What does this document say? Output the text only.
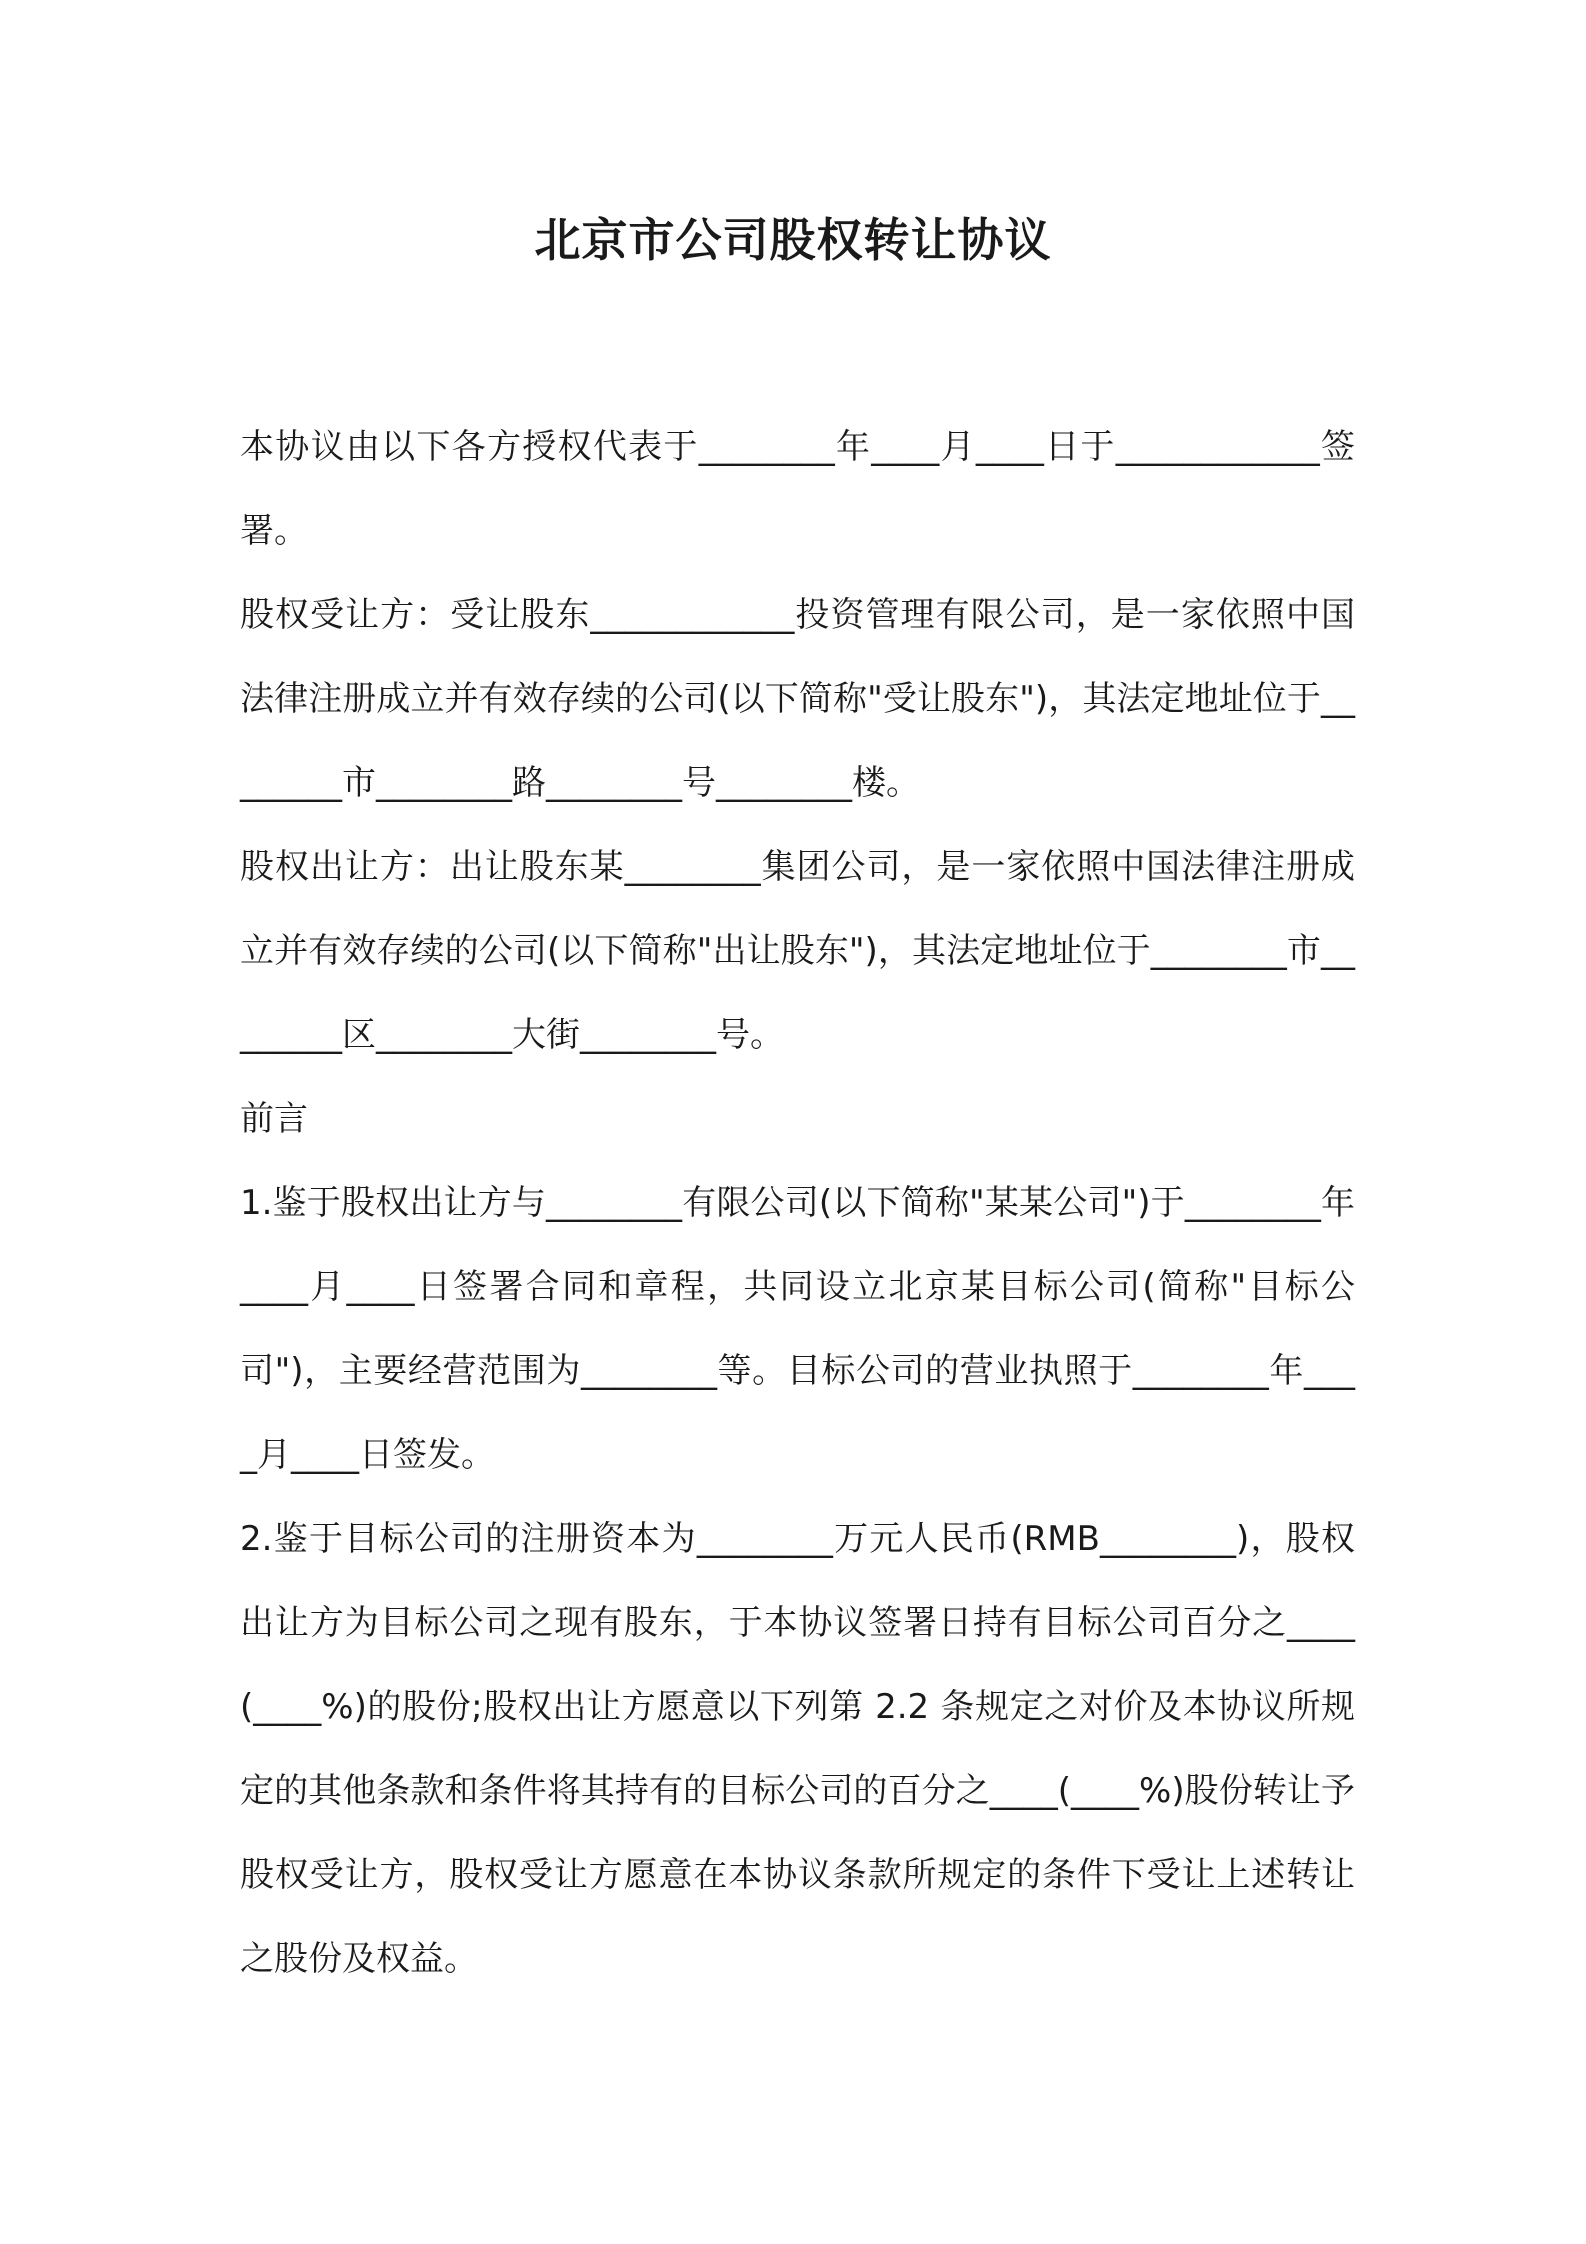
北京市公司股权转让协议

本协议由以下各方授权代表于________年____月____日于____________签署。

股权受让方：受让股东____________投资管理有限公司，是一家依照中国法律注册成立并有效存续的公司(以下简称"受让股东")，其法定地址位于________市________路________号________楼。

股权出让方：出让股东某________集团公司，是一家依照中国法律注册成立并有效存续的公司(以下简称"出让股东")，其法定地址位于________市________区________大街________号。

前言

1.鉴于股权出让方与________有限公司(以下简称"某某公司")于________年____月____日签署合同和章程，共同设立北京某目标公司(简称"目标公司")，主要经营范围为________等。目标公司的营业执照于________年____月____日签发。

2.鉴于目标公司的注册资本为________万元人民币(RMB________)，股权出让方为目标公司之现有股东，于本协议签署日持有目标公司百分之____(____%)的股份;股权出让方愿意以下列第 2.2 条规定之对价及本协议所规定的其他条款和条件将其持有的目标公司的百分之____(____%)股份转让予股权受让方，股权受让方愿意在本协议条款所规定的条件下受让上述转让之股份及权益。
